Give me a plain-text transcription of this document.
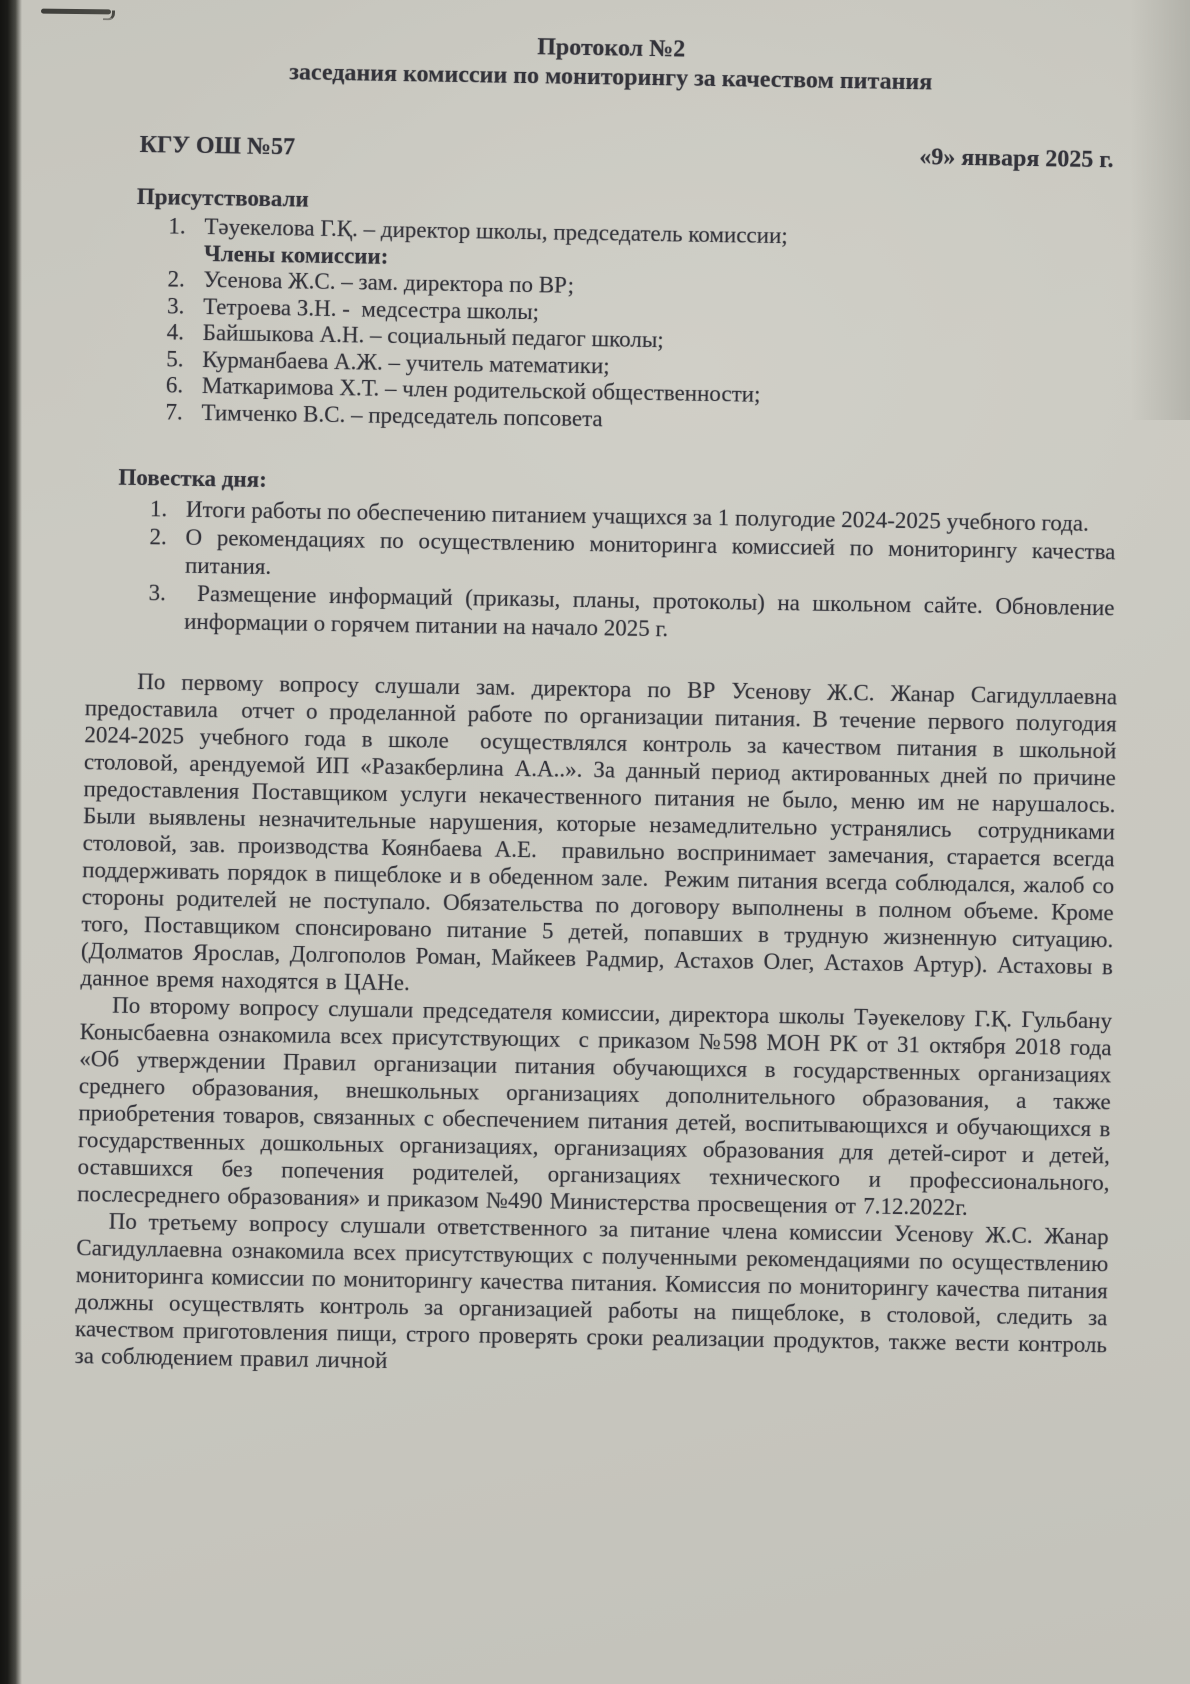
Протокол №2
заседания комиссии по мониторингу за качеством питания
КГУ ОШ №57	«9» января 2025 г.
Присутствовали
1. Тәуекелова Г.Қ. – директор школы, председатель комиссии;
Члены комиссии:
2. Усенова Ж.С. – зам. директора по ВР;
3. Тетроева З.Н. -  медсестра школы;
4. Байшыкова А.Н. – социальный педагог школы;
5. Курманбаева А.Ж. – учитель математики;
6. Маткаримова Х.Т. – член родительской общественности;
7. Тимченко В.С. – председатель попсовета
Повестка дня:
1. Итоги работы по обеспечению питанием учащихся за 1 полугодие 2024-2025 учебного года.
2. О рекомендациях по осуществлению мониторинга комиссией по мониторингу качества питания.
3. Размещение информаций (приказы, планы, протоколы) на школьном сайте. Обновление информации о горячем питании на начало 2025 г.

По первому вопросу слушали зам. директора по ВР Усенову Ж.С. Жанар Сагидуллаевна предоставила  отчет о проделанной работе по организации питания. В течение первого полугодия 2024-2025 учебного года в школе  осуществлялся контроль за качеством питания в школьной столовой, арендуемой ИП «Разакберлина А.А..». За данный период актированных дней по причине предоставления Поставщиком услуги некачественного питания не было, меню им не нарушалось. Были выявлены незначительные нарушения, которые незамедлительно устранялись  сотрудниками столовой, зав. производства Коянбаева А.Е.  правильно воспринимает замечания, старается всегда поддерживать порядок в пищеблоке и в обеденном зале.  Режим питания всегда соблюдался, жалоб со стороны родителей не поступало. Обязательства по договору выполнены в полном объеме. Кроме того, Поставщиком спонсировано питание 5 детей, попавших в трудную жизненную ситуацию. (Долматов Ярослав, Долгополов Роман, Майкеев Радмир, Астахов Олег, Астахов Артур). Астаховы в данное время находятся в ЦАНе.

По второму вопросу слушали председателя комиссии, директора школы Тәуекелову Г.Қ. Гульбану Конысбаевна ознакомила всех присутствующих  с приказом №598 МОН РК от 31 октября 2018 года  «Об утверждении Правил организации питания обучающихся в государственных организациях среднего образования, внешкольных организациях дополнительного образования, а также приобретения товаров, связанных с обеспечением питания детей, воспитывающихся и обучающихся в государственных дошкольных организациях, организациях образования для детей-сирот и детей, оставшихся без попечения родителей, организациях технического и профессионального, послесреднего образования» и приказом №490 Министерства просвещения от 7.12.2022г.

По третьему вопросу слушали ответственного за питание члена комиссии Усенову Ж.С. Жанар Сагидуллаевна ознакомила всех присутствующих с полученными рекомендациями по осуществлению мониторинга комиссии по мониторингу качества питания. Комиссия по мониторингу качества питания должны осуществлять контроль за организацией работы на пищеблоке, в столовой, следить за качеством приготовления пищи, строго проверять сроки реализации продуктов, также вести контроль за соблюдением правил личной
